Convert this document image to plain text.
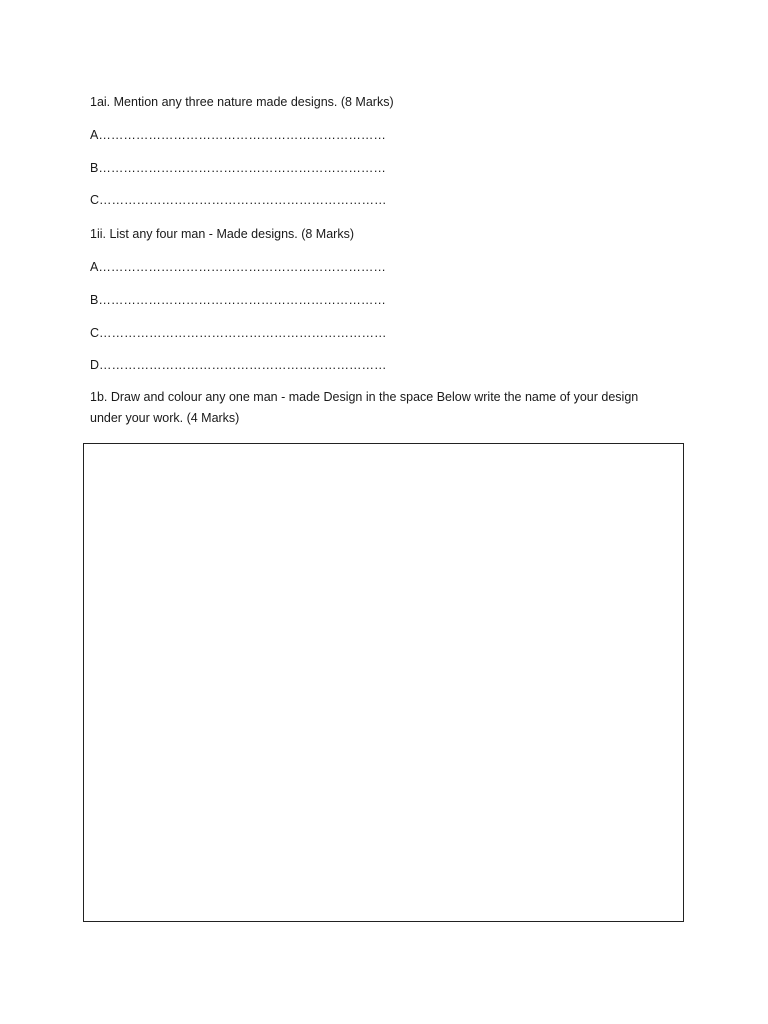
1ai. Mention any three nature made designs. (8 Marks)
A……………………………………………………………
B……………………………………………………………
C……………………………………………………………
1ii. List any four man - Made designs. (8 Marks)
A……………………………………………………………
B……………………………………………………………
C……………………………………………………………
D……………………………………………………………
1b. Draw and colour any one man - made Design in the space Below write the name of your design under your work. (4 Marks)
